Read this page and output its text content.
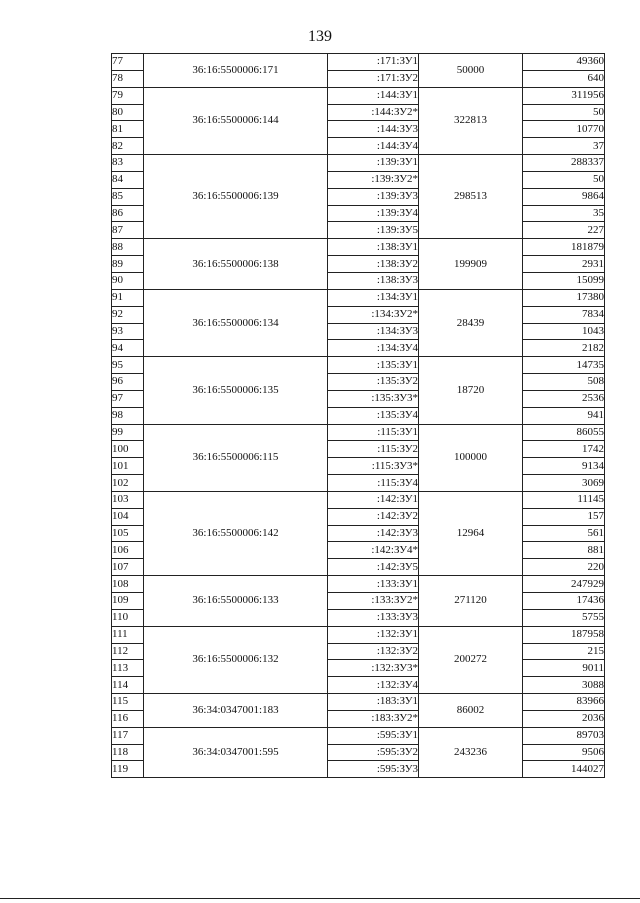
139
77	36:16:5500006:171	:171:ЗУ1	50000	49360
78		:171:ЗУ2		640
79	36:16:5500006:144	:144:ЗУ1	322813	311956
80		:144:ЗУ2*		50
81		:144:ЗУ3		10770
82		:144:ЗУ4		37
83	36:16:5500006:139	:139:ЗУ1	298513	288337
84		:139:ЗУ2*		50
85		:139:ЗУ3		9864
86		:139:ЗУ4		35
87		:139:ЗУ5		227
88	36:16:5500006:138	:138:ЗУ1	199909	181879
89		:138:ЗУ2		2931
90		:138:ЗУ3		15099
91	36:16:5500006:134	:134:ЗУ1	28439	17380
92		:134:ЗУ2*		7834
93		:134:ЗУ3		1043
94		:134:ЗУ4		2182
95	36:16:5500006:135	:135:ЗУ1	18720	14735
96		:135:ЗУ2		508
97		:135:ЗУ3*		2536
98		:135:ЗУ4		941
99	36:16:5500006:115	:115:ЗУ1	100000	86055
100		:115:ЗУ2		1742
101		:115:ЗУ3*		9134
102		:115:ЗУ4		3069
103	36:16:5500006:142	:142:ЗУ1	12964	11145
104		:142:ЗУ2		157
105		:142:ЗУ3		561
106		:142:ЗУ4*		881
107		:142:ЗУ5		220
108	36:16:5500006:133	:133:ЗУ1	271120	247929
109		:133:ЗУ2*		17436
110		:133:ЗУ3		5755
111	36:16:5500006:132	:132:ЗУ1	200272	187958
112		:132:ЗУ2		215
113		:132:ЗУ3*		9011
114		:132:ЗУ4		3088
115	36:34:0347001:183	:183:ЗУ1	86002	83966
116		:183:ЗУ2*		2036
117	36:34:0347001:595	:595:ЗУ1	243236	89703
118		:595:ЗУ2		9506
119		:595:ЗУ3		144027
